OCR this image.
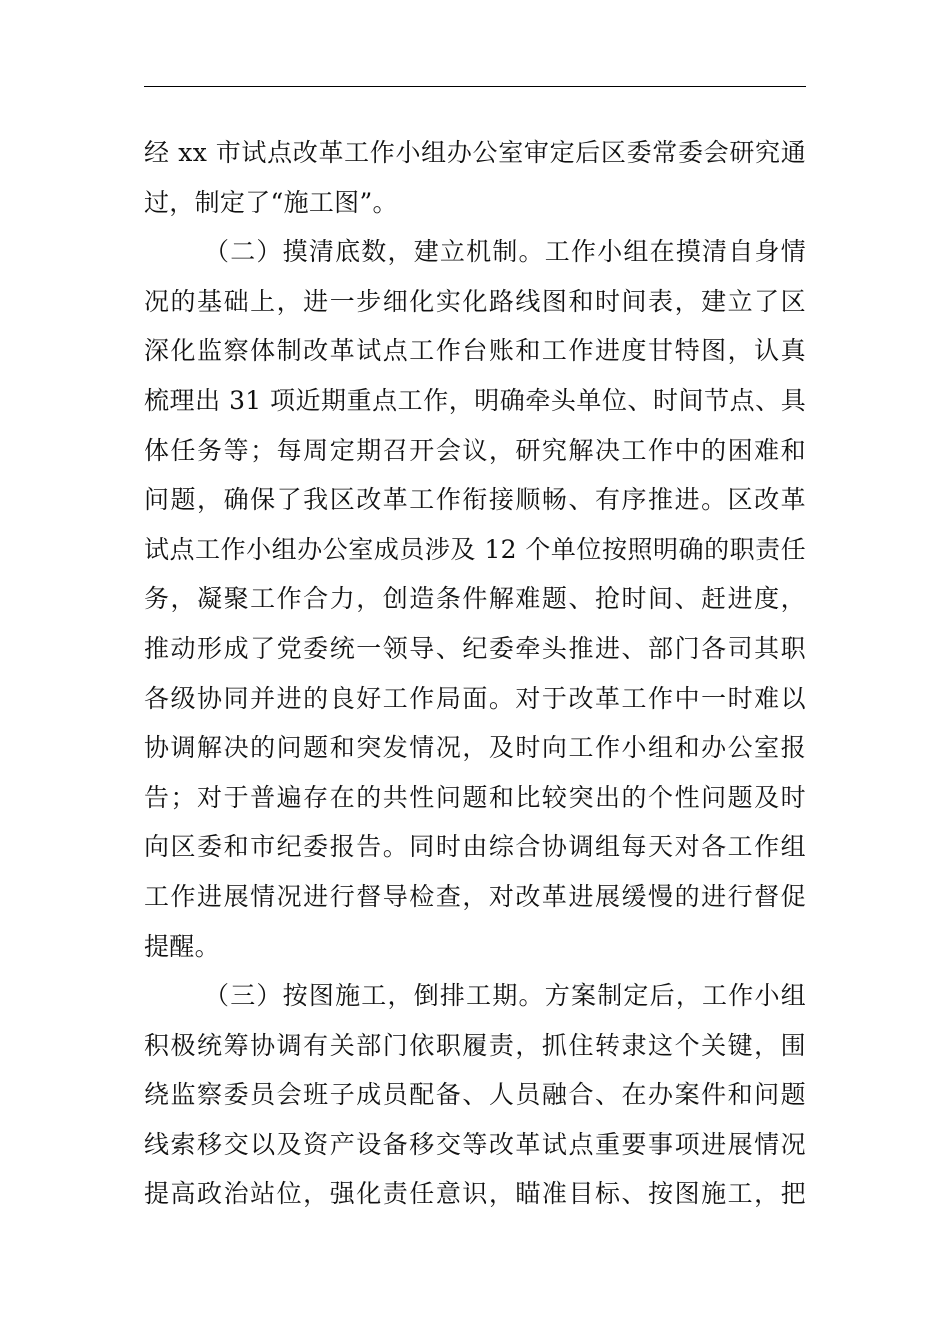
经 xx 市试点改革工作小组办公室审定后区委常委会研究通
过，制定了“施工图”。
（二）摸清底数，建立机制。工作小组在摸清自身情
况的基础上，进一步细化实化路线图和时间表，建立了区
深化监察体制改革试点工作台账和工作进度甘特图，认真
梳理出 31 项近期重点工作，明确牵头单位、时间节点、具
体任务等；每周定期召开会议，研究解决工作中的困难和
问题，确保了我区改革工作衔接顺畅、有序推进。区改革
试点工作小组办公室成员涉及 12 个单位按照明确的职责任
务，凝聚工作合力，创造条件解难题、抢时间、赶进度，
推动形成了党委统一领导、纪委牵头推进、部门各司其职
各级协同并进的良好工作局面。对于改革工作中一时难以
协调解决的问题和突发情况，及时向工作小组和办公室报
告；对于普遍存在的共性问题和比较突出的个性问题及时
向区委和市纪委报告。同时由综合协调组每天对各工作组
工作进展情况进行督导检查，对改革进展缓慢的进行督促
提醒。
（三）按图施工，倒排工期。方案制定后，工作小组
积极统筹协调有关部门依职履责，抓住转隶这个关键，围
绕监察委员会班子成员配备、人员融合、在办案件和问题
线索移交以及资产设备移交等改革试点重要事项进展情况
提高政治站位，强化责任意识，瞄准目标、按图施工，把
